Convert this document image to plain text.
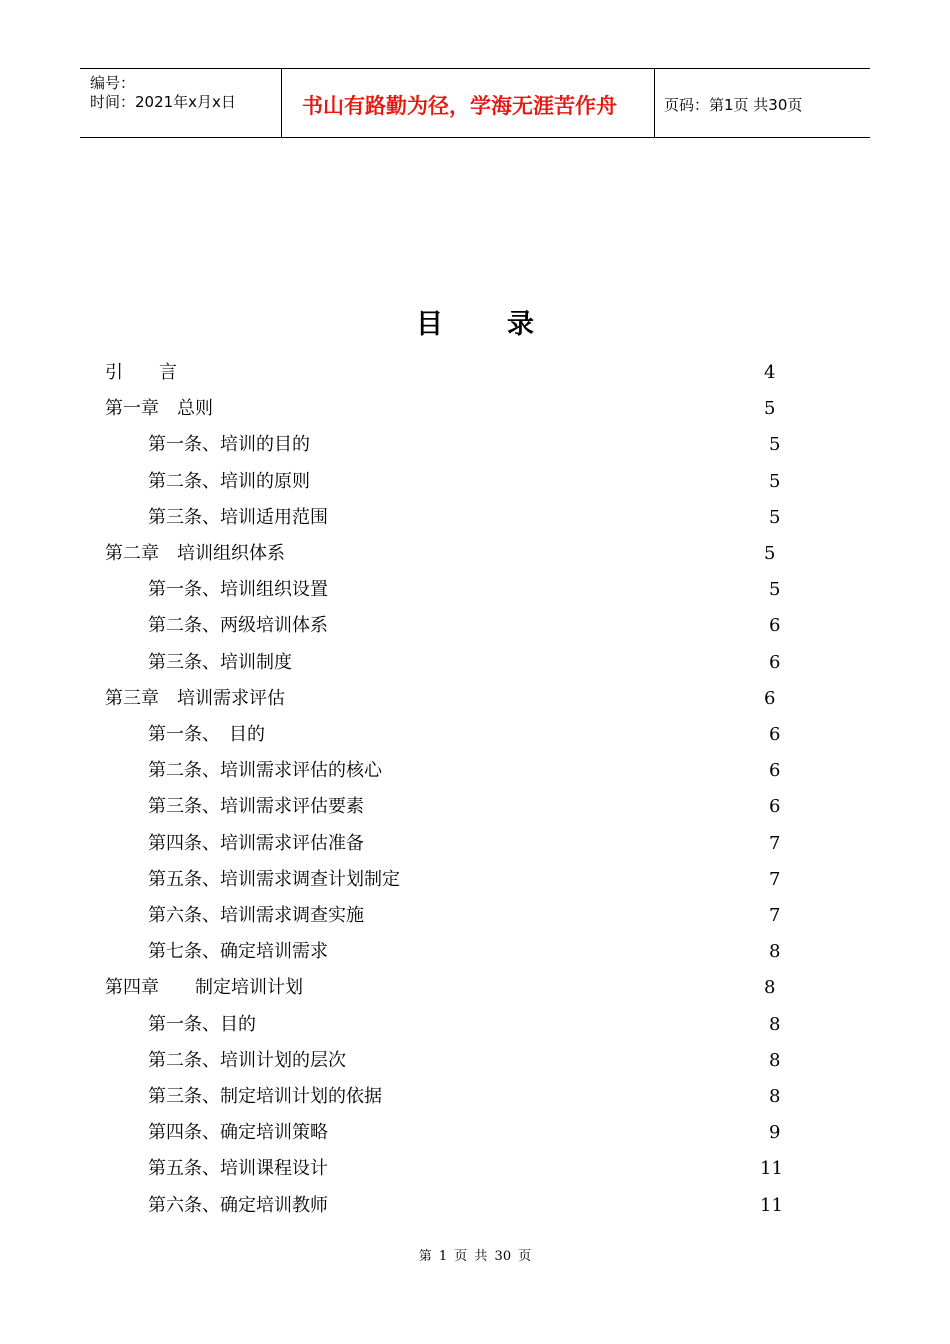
编号：
时间：2021年x月x日	书山有路勤为径，学海无涯苦作舟	页码：第1页 共30页
目 录
引　　言	4
第一章　总则	5
第一条、培训的目的	5
第二条、培训的原则	5
第三条、培训适用范围	5
第二章　培训组织体系	5
第一条、培训组织设置	5
第二条、两级培训体系	6
第三条、培训制度	6
第三章　培训需求评估	6
第一条、　目的	6
第二条、培训需求评估的核心	6
第三条、培训需求评估要素	6
第四条、培训需求评估准备	7
第五条、培训需求调查计划制定	7
第六条、培训需求调查实施	7
第七条、确定培训需求	8
第四章　　制定培训计划	8
第一条、目的	8
第二条、培训计划的层次	8
第三条、制定培训计划的依据	8
第四条、确定培训策略	9
第五条、培训课程设计	11
第六条、确定培训教师	11
第 1 页 共 30 页
